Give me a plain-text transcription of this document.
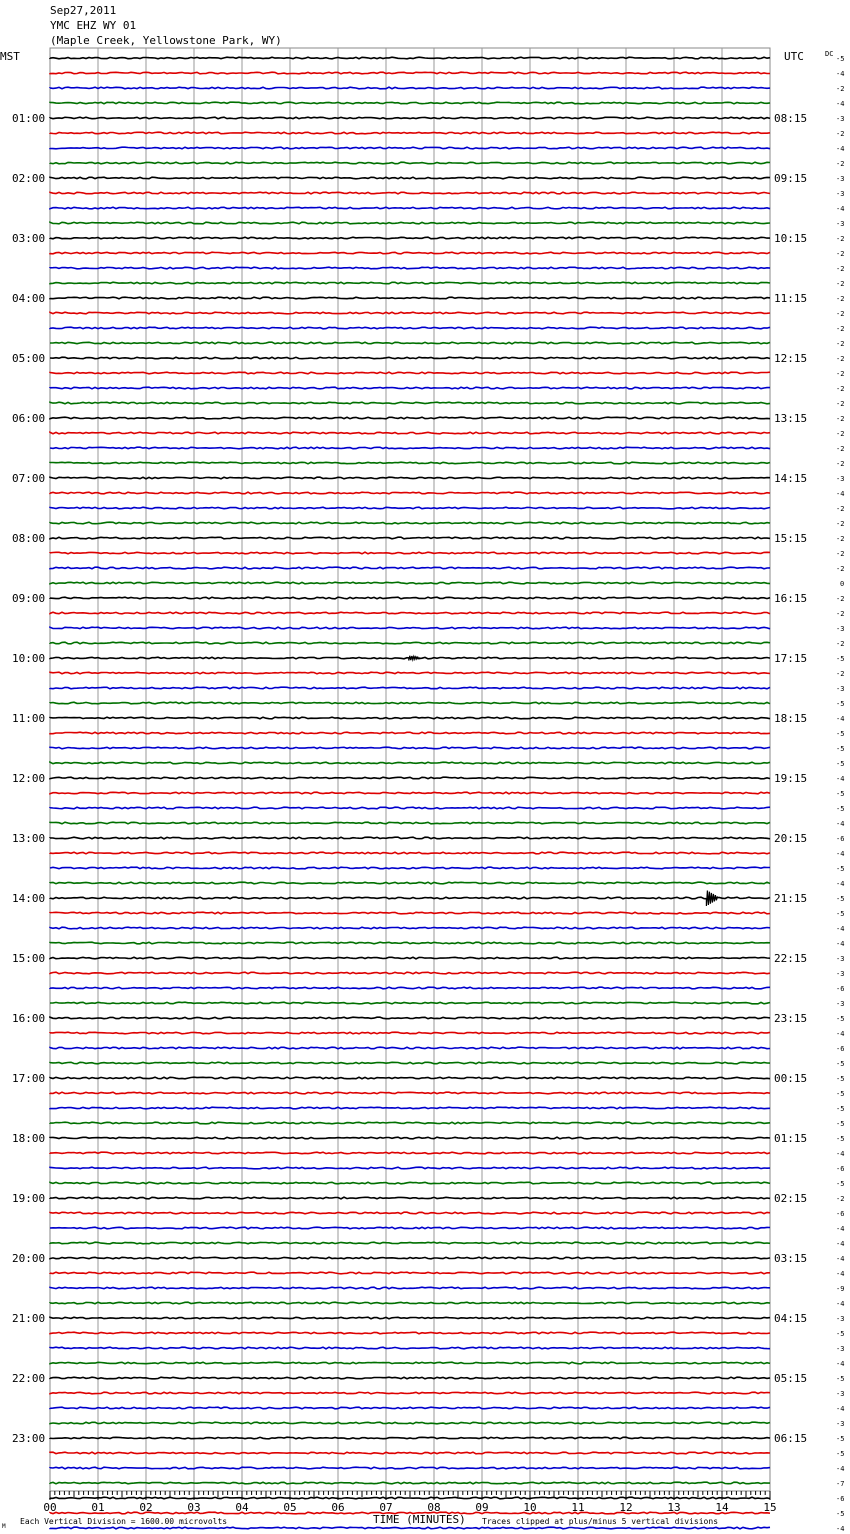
Sep27,2011
YMC EHZ WY 01
(Maple Creek, Yellowstone Park, WY)
01:00
02:00
03:00
04:00
05:00
06:00
07:00
08:00
09:00
10:00
11:00
12:00
13:00
14:00
15:00
16:00
17:00
18:00
19:00
20:00
21:00
22:00
23:00
08:15
09:15
10:15
11:15
12:15
13:15
14:15
15:15
16:15
17:15
18:15
19:15
20:15
21:15
22:15
23:15
00:15
01:15
02:15
03:15
04:15
05:15
06:15
-5
-4
-2
-4
-3
-2
-4
-2
-3
-3
-4
-3
-2
-2
-2
-2
-2
-2
-2
-2
-2
-2
-2
-2
-2
-2
-2
-2
-3
-4
-2
-2
-2
-2
-2
0
-2
-2
-3
-2
-5
-2
-3
-5
-4
-5
-5
-5
-4
-5
-5
-4
-6
-4
-5
-4
-5
-5
-4
-4
-3
-3
-6
-3
-5
-4
-6
-5
-5
-5
-5
-5
-5
-4
-6
-5
-2
-6
-4
-4
-4
-4
-9
-4
-3
-5
-3
-4
-5
-3
-4
-3
-5
-5
-4
-7
-6
-5
-4
00	01	02	03	04	05	06	07	08	09	10	11	12	13	14	15
MST	UTC	DC
TIME (MINUTES)
Each Vertical Division = 1600.00 microvolts	Traces clipped at plus/minus 5 vertical divisions
M
